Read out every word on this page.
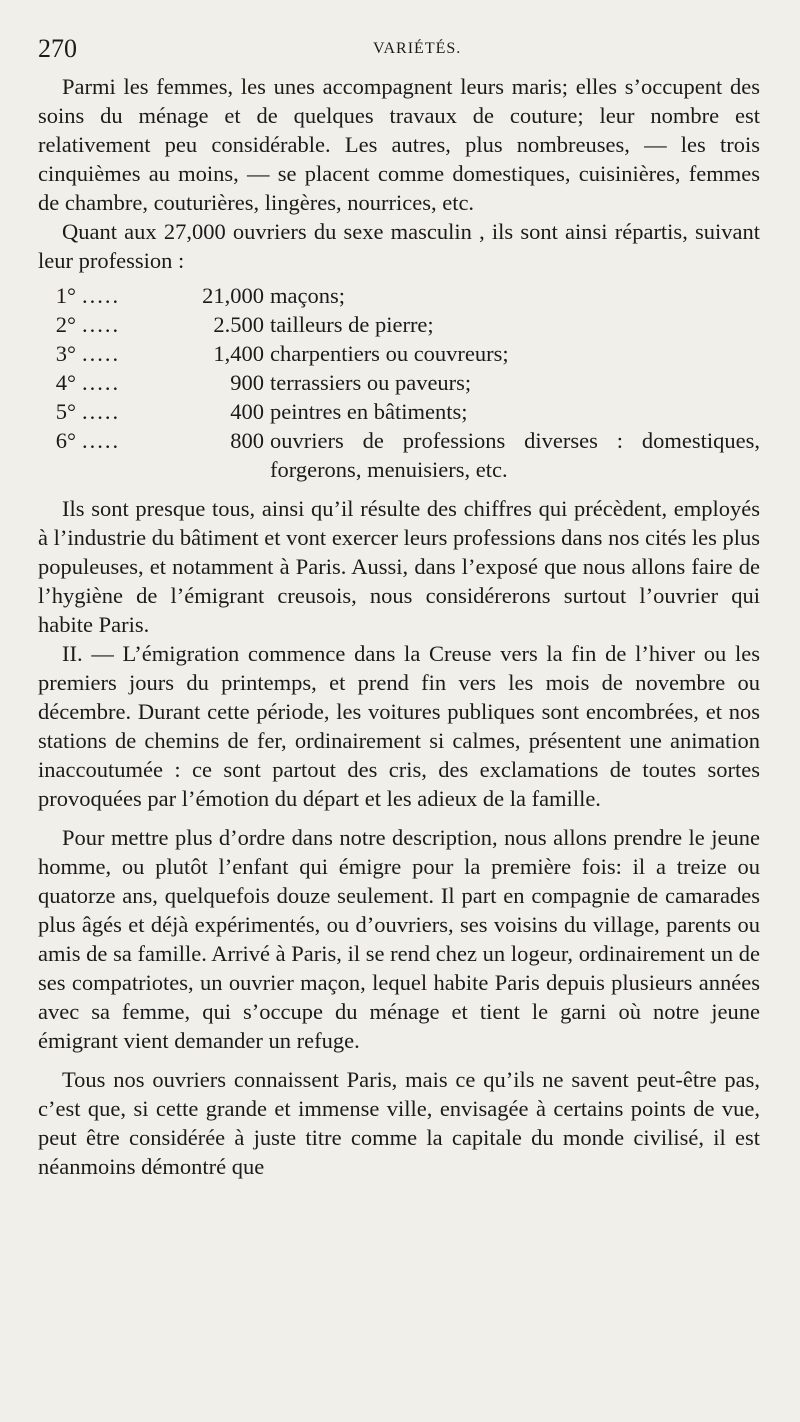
270	VARIÉTÉS.

Parmi les femmes, les unes accompagnent leurs maris; elles s’occupent des soins du ménage et de quelques travaux de couture; leur nombre est relativement peu considérable. Les autres, plus nombreuses, — les trois cinquièmes au moins, — se placent comme domestiques, cuisinières, femmes de chambre, couturières, lingères, nourrices, etc.

Quant aux 27,000 ouvriers du sexe masculin , ils sont ainsi répartis, suivant leur profession :

1° .....	21,000 maçons;
2° .....	2.500 tailleurs de pierre;
3° .....	1,400 charpentiers ou couvreurs;
4° .....	900 terrassiers ou paveurs;
5° .....	400 peintres en bâtiments;
6° .....	800 ouvriers de professions diverses : domestiques, forgerons, menuisiers, etc.

Ils sont presque tous, ainsi qu’il résulte des chiffres qui précèdent, employés à l’industrie du bâtiment et vont exercer leurs professions dans nos cités les plus populeuses, et notamment à Paris. Aussi, dans l’exposé que nous allons faire de l’hygiène de l’émigrant creusois, nous considérerons surtout l’ouvrier qui habite Paris.

II. — L’émigration commence dans la Creuse vers la fin de l’hiver ou les premiers jours du printemps, et prend fin vers les mois de novembre ou décembre. Durant cette période, les voitures publiques sont encombrées, et nos stations de chemins de fer, ordinairement si calmes, présentent une animation inaccoutumée : ce sont partout des cris, des exclamations de toutes sortes provoquées par l’émotion du départ et les adieux de la famille.

Pour mettre plus d’ordre dans notre description, nous allons prendre le jeune homme, ou plutôt l’enfant qui émigre pour la première fois: il a treize ou quatorze ans, quelquefois douze seulement. Il part en compagnie de camarades plus âgés et déjà expérimentés, ou d’ouvriers, ses voisins du village, parents ou amis de sa famille. Arrivé à Paris, il se rend chez un logeur, ordinairement un de ses compatriotes, un ouvrier maçon, lequel habite Paris depuis plusieurs années avec sa femme, qui s’occupe du ménage et tient le garni où notre jeune émigrant vient demander un refuge.

Tous nos ouvriers connaissent Paris, mais ce qu’ils ne savent peut-être pas, c’est que, si cette grande et immense ville, envisagée à certains points de vue, peut être considérée à juste titre comme la capitale du monde civilisé, il est néanmoins démontré que
